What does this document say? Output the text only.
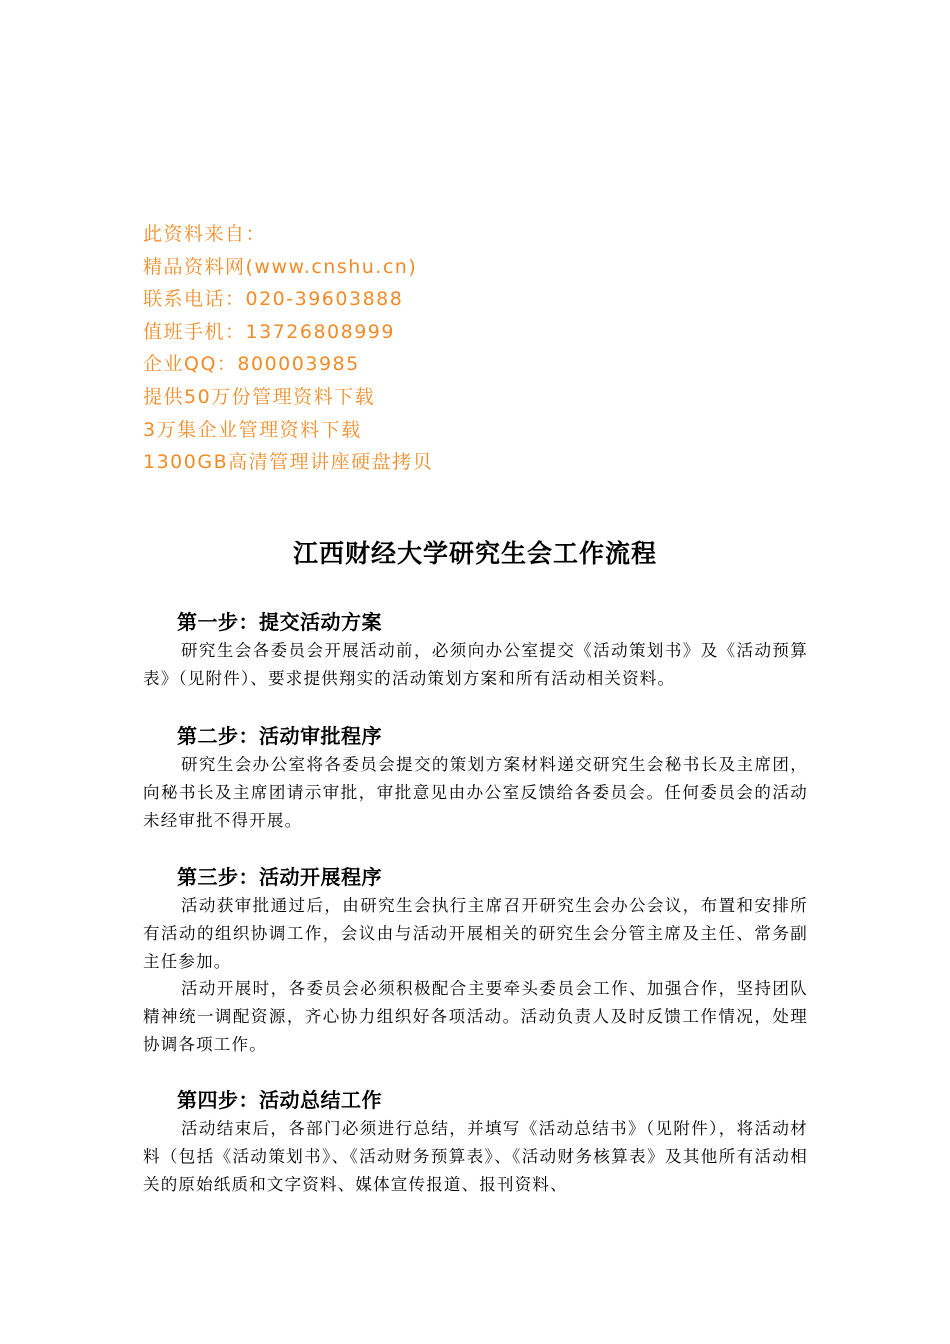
此资料来自：
精品资料网(www.cnshu.cn)
联系电话：020-39603888
值班手机：13726808999
企业QQ：800003985
提供50万份管理资料下载
3万集企业管理资料下载
1300GB高清管理讲座硬盘拷贝
江西财经大学研究生会工作流程
第一步：提交活动方案

研究生会各委员会开展活动前，必须向办公室提交《活动策划书》及《活动预算表》（见附件）、要求提供翔实的活动策划方案和所有活动相关资料。

第二步：活动审批程序

研究生会办公室将各委员会提交的策划方案材料递交研究生会秘书长及主席团，向秘书长及主席团请示审批，审批意见由办公室反馈给各委员会。任何委员会的活动未经审批不得开展。

第三步：活动开展程序

活动获审批通过后，由研究生会执行主席召开研究生会办公会议，布置和安排所有活动的组织协调工作，会议由与活动开展相关的研究生会分管主席及主任、常务副主任参加。

活动开展时，各委员会必须积极配合主要牵头委员会工作、加强合作，坚持团队精神统一调配资源，齐心协力组织好各项活动。活动负责人及时反馈工作情况，处理协调各项工作。

第四步：活动总结工作

活动结束后，各部门必须进行总结，并填写《活动总结书》（见附件），将活动材料（包括《活动策划书》、《活动财务预算表》、《活动财务核算表》及其他所有活动相关的原始纸质和文字资料、媒体宣传报道、报刊资料、
